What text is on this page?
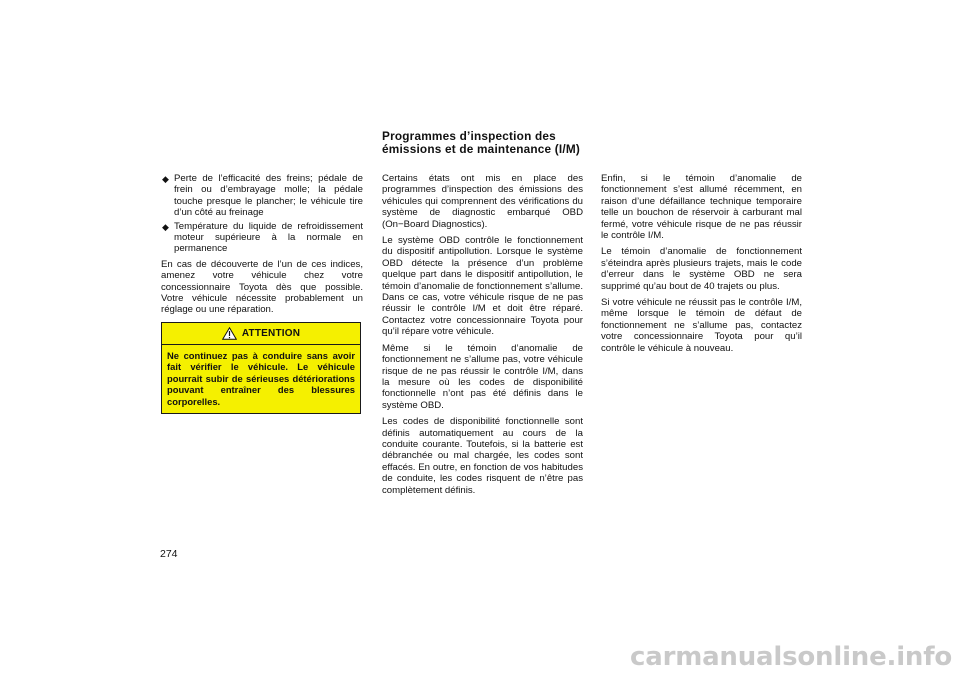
◆ Perte de l’efficacité des freins; pédale de frein ou d’embrayage molle; la pédale touche presque le plancher; le véhicule tire d’un côté au freinage
◆ Température du liquide de refroidissement moteur supérieure à la normale en permanence

En cas de découverte de l’un de ces indices, amenez votre véhicule chez votre concessionnaire Toyota dès que possible. Votre véhicule nécessite probablement un réglage ou une réparation.

ATTENTION

Ne continuez pas à conduire sans avoir fait vérifier le véhicule. Le véhicule pourrait subir de sérieuses détériorations pouvant entraîner des blessures corporelles.

Programmes d’inspection des émissions et de maintenance (I/M)

Certains états ont mis en place des programmes d’inspection des émissions des véhicules qui comprennent des vérifications du système de diagnostic embarqué OBD (On−Board Diagnostics).

Le système OBD contrôle le fonctionnement du dispositif antipollution. Lorsque le système OBD détecte la présence d’un problème quelque part dans le dispositif antipollution, le témoin d’anomalie de fonctionnement s’allume. Dans ce cas, votre véhicule risque de ne pas réussir le contrôle I/M et doit être réparé. Contactez votre concessionnaire Toyota pour qu’il répare votre véhicule.

Même si le témoin d’anomalie de fonctionnement ne s’allume pas, votre véhicule risque de ne pas réussir le contrôle I/M, dans la mesure où les codes de disponibilité fonctionnelle n’ont pas été définis dans le système OBD.

Les codes de disponibilité fonctionnelle sont définis automatiquement au cours de la conduite courante. Toutefois, si la batterie est débranchée ou mal chargée, les codes sont effacés. En outre, en fonction de vos habitudes de conduite, les codes risquent de n’être pas complètement définis.

Enfin, si le témoin d’anomalie de fonctionnement s’est allumé récemment, en raison d’une défaillance technique temporaire telle un bouchon de réservoir à carburant mal fermé, votre véhicule risque de ne pas réussir le contrôle I/M.

Le témoin d’anomalie de fonctionnement s’éteindra après plusieurs trajets, mais le code d’erreur dans le système OBD ne sera supprimé qu’au bout de 40 trajets ou plus.

Si votre véhicule ne réussit pas le contrôle I/M, même lorsque le témoin de défaut de fonctionnement ne s’allume pas, contactez votre concessionnaire Toyota pour qu’il contrôle le véhicule à nouveau.

274
carmanualsonline.info
